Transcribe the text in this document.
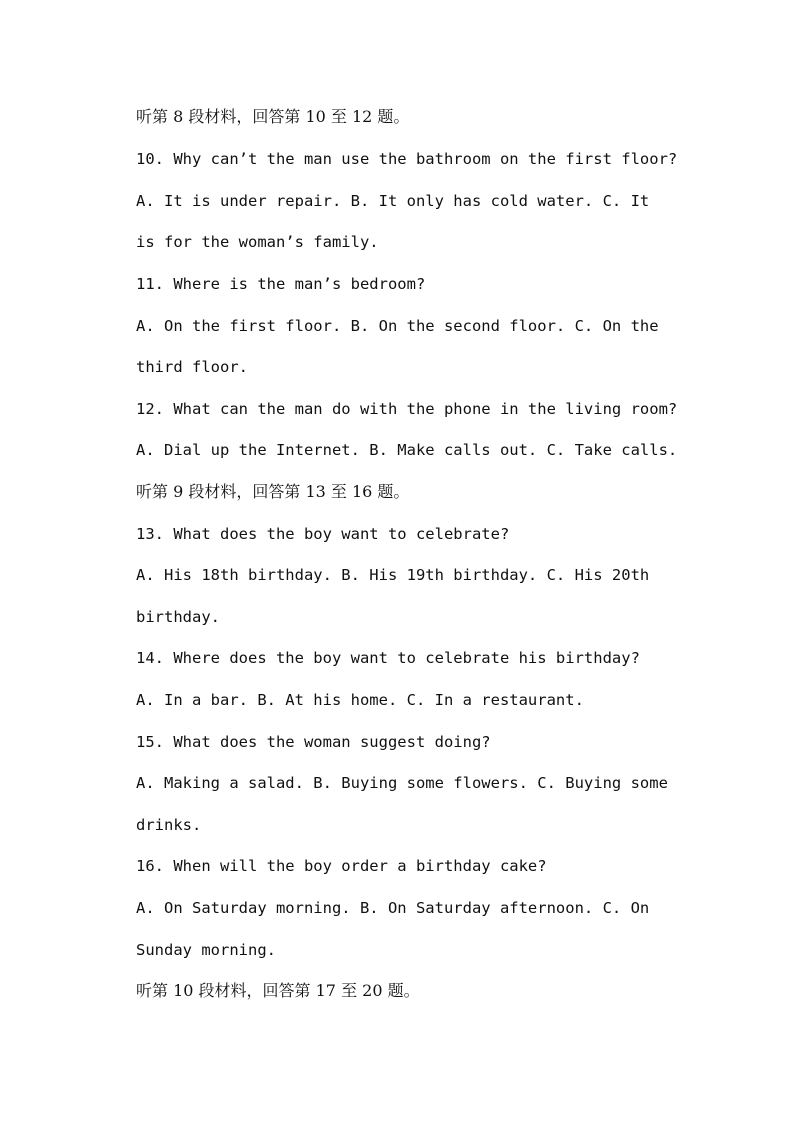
听第 8 段材料，回答第 10 至 12 题。
10. Why can’t the man use the bathroom on the first floor?
A. It is under repair. B. It only has cold water. C. It
is for the woman’s family.
11. Where is the man’s bedroom?
A. On the first floor. B. On the second floor. C. On the
third floor.
12. What can the man do with the phone in the living room?
A. Dial up the Internet. B. Make calls out. C. Take calls.
听第 9 段材料，回答第 13 至 16 题。
13. What does the boy want to celebrate?
A. His 18th birthday. B. His 19th birthday. C. His 20th
birthday.
14. Where does the boy want to celebrate his birthday?
A. In a bar. B. At his home. C. In a restaurant.
15. What does the woman suggest doing?
A. Making a salad. B. Buying some flowers. C. Buying some
drinks.
16. When will the boy order a birthday cake?
A. On Saturday morning. B. On Saturday afternoon. C. On
Sunday morning.
听第 10 段材料，回答第 17 至 20 题。
